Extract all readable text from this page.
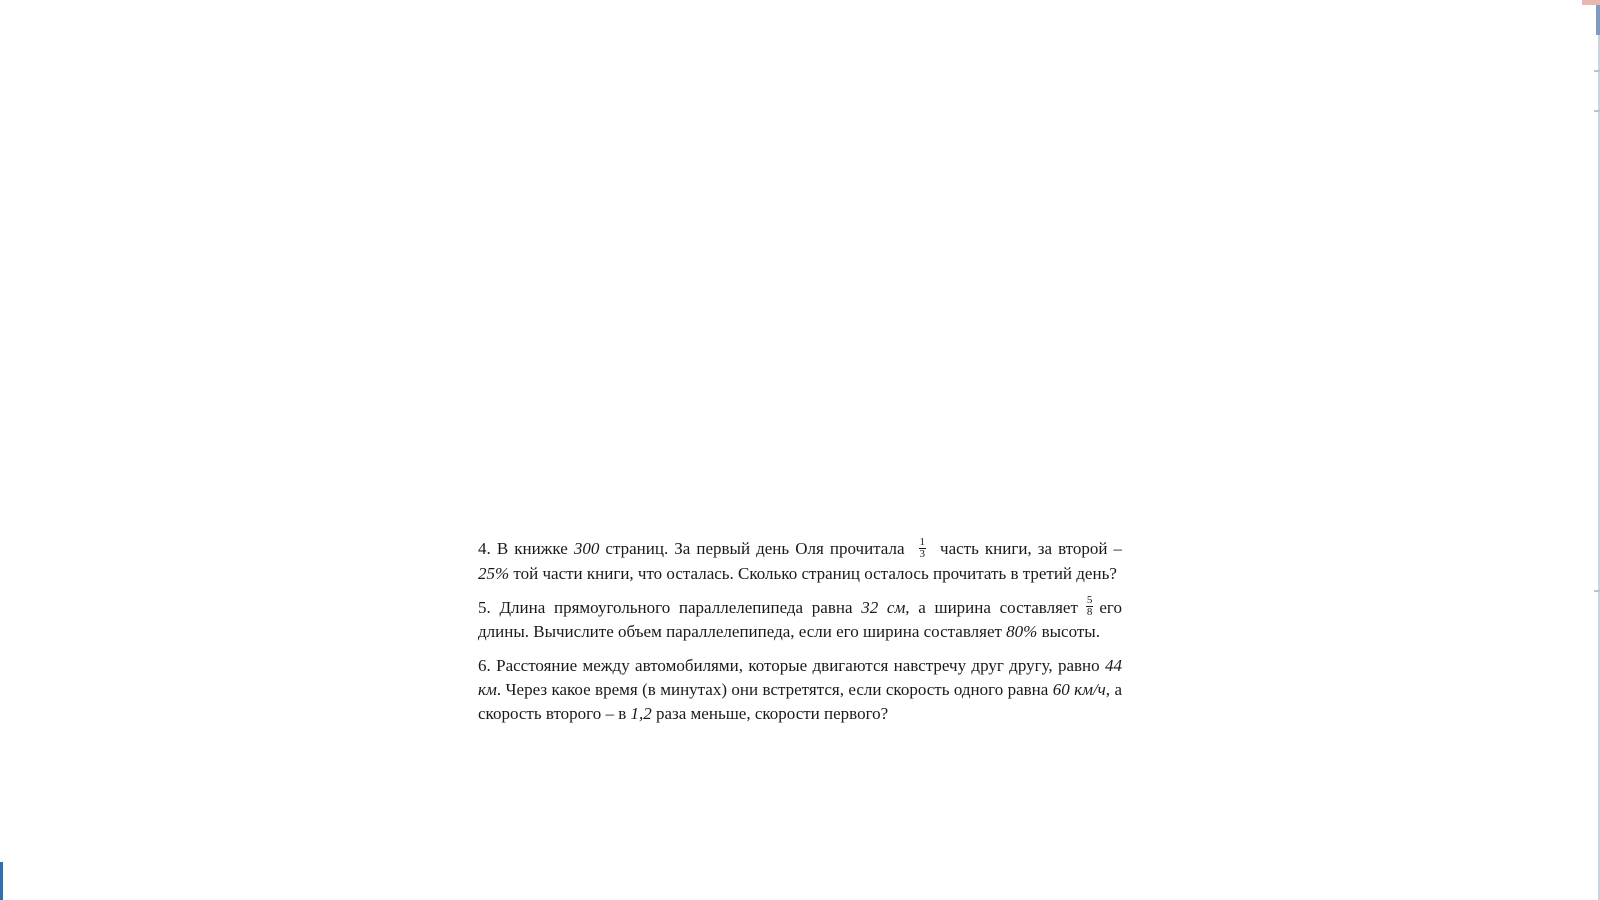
4. В книжке 300 страниц. За первый день Оля прочитала $\frac{1}{3}$ часть книги, за второй – 25% той части книги, что осталась. Сколько страниц осталось прочитать в третий день?

5. Длина прямоугольного параллелепипеда равна 32 см, а ширина составляет $\frac{5}{8}$ его длины. Вычислите объем параллелепипеда, если его ширина составляет 80% высоты.

6. Расстояние между автомобилями, которые двигаются навстречу друг другу, равно 44 км. Через какое время (в минутах) они встретятся, если скорость одного равна 60 км/ч, а скорость второго – в 1,2 раза меньше, скорости первого?
